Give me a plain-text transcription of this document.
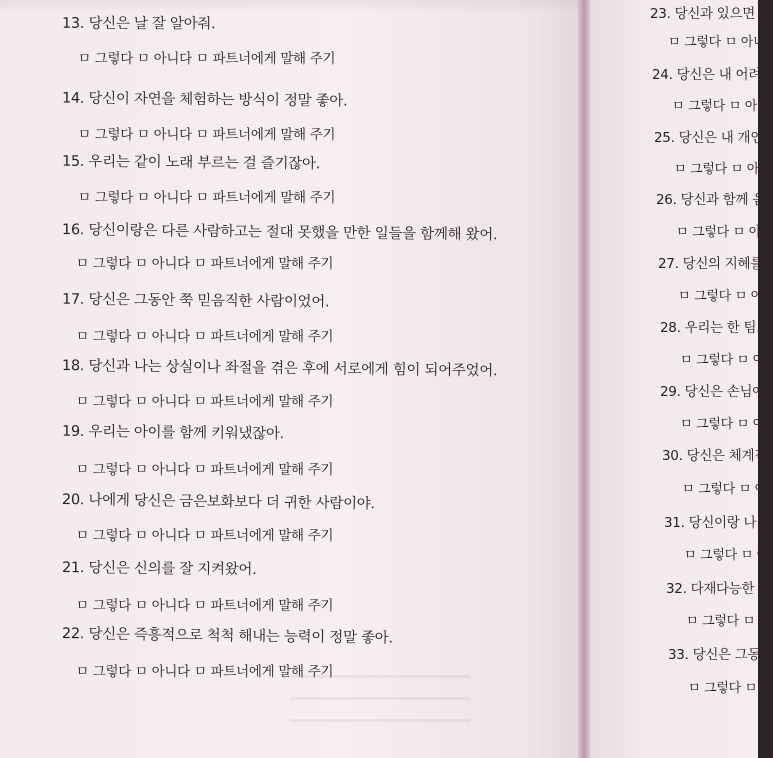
13. 당신은 날 잘 알아줘.
ㅁ 그렇다 ㅁ 아니다 ㅁ 파트너에게 말해 주기
14. 당신이 자연을 체험하는 방식이 정말 좋아.
ㅁ 그렇다 ㅁ 아니다 ㅁ 파트너에게 말해 주기
15. 우리는 같이 노래 부르는 걸 즐기잖아.
ㅁ 그렇다 ㅁ 아니다 ㅁ 파트너에게 말해 주기
16. 당신이랑은 다른 사람하고는 절대 못했을 만한 일들을 함께해 왔어.
ㅁ 그렇다 ㅁ 아니다 ㅁ 파트너에게 말해 주기
17. 당신은 그동안 쭉 믿음직한 사람이었어.
ㅁ 그렇다 ㅁ 아니다 ㅁ 파트너에게 말해 주기
18. 당신과 나는 상실이나 좌절을 겪은 후에 서로에게 힘이 되어주었어.
ㅁ 그렇다 ㅁ 아니다 ㅁ 파트너에게 말해 주기
19. 우리는 아이를 함께 키워냈잖아.
ㅁ 그렇다 ㅁ 아니다 ㅁ 파트너에게 말해 주기
20. 나에게 당신은 금은보화보다 더 귀한 사람이야.
ㅁ 그렇다 ㅁ 아니다 ㅁ 파트너에게 말해 주기
21. 당신은 신의를 잘 지켜왔어.
ㅁ 그렇다 ㅁ 아니다 ㅁ 파트너에게 말해 주기
22. 당신은 즉흥적으로 척척 해내는 능력이 정말 좋아.
ㅁ 그렇다 ㅁ 아니다 ㅁ 파트너에게 말해 주기
23. 당신과 있으면
ㅁ 그렇다 ㅁ 아니
24. 당신은 내 어려
ㅁ 그렇다 ㅁ 아
25. 당신은 내 개인
ㅁ 그렇다 ㅁ 아
26. 당신과 함께 음
ㅁ 그렇다 ㅁ 아
27. 당신의 지혜를
ㅁ 그렇다 ㅁ 아
28. 우리는 한 팀.
ㅁ 그렇다 ㅁ 아
29. 당신은 손님에
ㅁ 그렇다 ㅁ 아
30. 당신은 체계적
ㅁ 그렇다 ㅁ 아
31. 당신이랑 나
ㅁ 그렇다 ㅁ 아
32. 다재다능한
ㅁ 그렇다 ㅁ 아
33. 당신은 그동
ㅁ 그렇다 ㅁ 아
